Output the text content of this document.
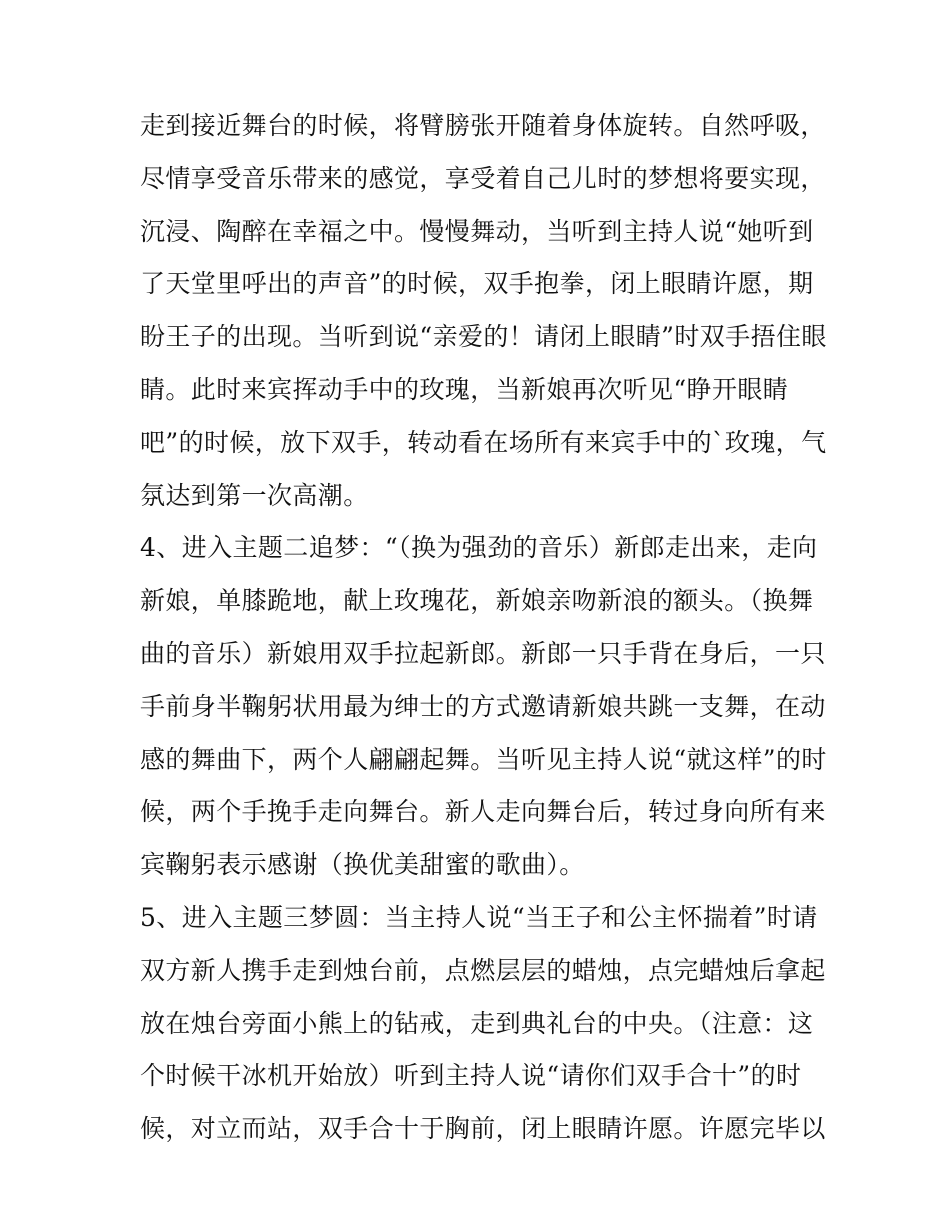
走到接近舞台的时候，将臂膀张开随着身体旋转。自然呼吸，
尽情享受音乐带来的感觉，享受着自己儿时的梦想将要实现，
沉浸、陶醉在幸福之中。慢慢舞动，当听到主持人说“她听到
了天堂里呼出的声音”的时候，双手抱拳，闭上眼睛许愿，期
盼王子的出现。当听到说“亲爱的！请闭上眼睛”时双手捂住眼
睛。此时来宾挥动手中的玫瑰，当新娘再次听见“睁开眼睛
吧”的时候，放下双手，转动看在场所有来宾手中的`玫瑰，气
氛达到第一次高潮。
4、进入主题二追梦：“（换为强劲的音乐）新郎走出来，走向
新娘，单膝跪地，献上玫瑰花，新娘亲吻新浪的额头。（换舞
曲的音乐）新娘用双手拉起新郎。新郎一只手背在身后，一只
手前身半鞠躬状用最为绅士的方式邀请新娘共跳一支舞，在动
感的舞曲下，两个人翩翩起舞。当听见主持人说“就这样”的时
候，两个手挽手走向舞台。新人走向舞台后，转过身向所有来
宾鞠躬表示感谢（换优美甜蜜的歌曲）。
5、进入主题三梦圆：当主持人说“当王子和公主怀揣着”时请
双方新人携手走到烛台前，点燃层层的蜡烛，点完蜡烛后拿起
放在烛台旁面小熊上的钻戒，走到典礼台的中央。（注意：这
个时候干冰机开始放）听到主持人说“请你们双手合十”的时
候，对立而站，双手合十于胸前，闭上眼睛许愿。许愿完毕以
